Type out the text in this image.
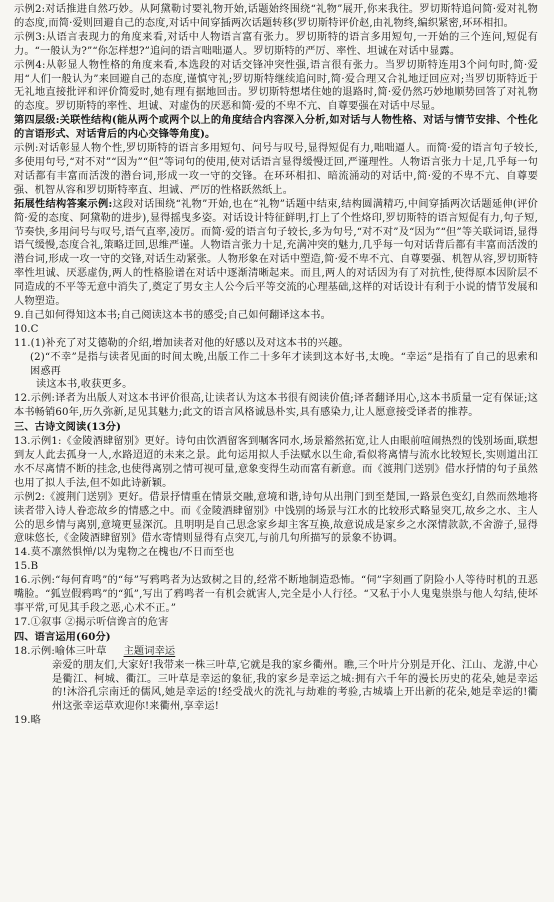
示例2:对话推进自然巧妙。从阿黛勒讨要礼物开始,话题始终围绕“礼物”展开,你来我往。罗切斯特追问简·爱对礼物的态度,而简·爱则回避自己的态度,对话中间穿插两次话题转移(罗切斯特评价赵,由礼物终,编织紧密,环环相扣。

示例3:从语言表现力的角度来看,对话中人物语言富有张力。罗切斯特的语言多用短句,一开始的三个连问,短促有力。“一般认为?”“你怎样想?”追问的语言咄咄逼人。罗切斯特的严厉、率性、坦诚在对话中显露。

示例4:从彰显人物性格的角度来看,本选段的对话交锋冲突性强,语言很有张力。当罗切斯特连用3个问句时,简·爱用“人们一般认为”来回避自己的态度,谨慎守礼;罗切斯特继续追问时,简·爱合理又合礼地迂回应对;当罗切斯特近于无礼地直接批评和评价简爱时,她有理有据地回击。罗切斯特想堵住她的退路时,简·爱仍然巧妙地顺势回答了对礼物的态度。罗切斯特的率性、坦诚、对虚伪的厌恶和简·爱的不卑不亢、自尊要强在对话中尽显。

第四层级:关联性结构(能从两个或两个以上的角度结合内容深入分析,如对话与人物性格、对话与情节安排、个性化的言语形式、对话背后的内心交锋等角度)。

示例:对话彰显人物个性,罗切斯特的语言多用短句、问号与叹号,显得短促有力,咄咄逼人。而简·爱的语言句子较长,多使用句号,“对不对”“因为”“但”等词句的使用,使对话语言显得缓慢迂回,严谨理性。人物语言张力十足,几乎每一句对话都有丰富而活泼的潜台词,形成一攻一守的交锋。在环环相扣、暗流涌动的对话中,简·爱的不卑不亢、自尊要强、机智从容和罗切斯特率直、坦诚、严厉的性格跃然纸上。

拓展性结构答案示例:这段对话围绕“礼物”开始,也在“礼物”话题中结束,结构圆满精巧,中间穿插两次话题延伸(评价简·爱的态度、阿黛勒的进步),显得摇曳多姿。对话设计特征鲜明,打上了个性烙印,罗切斯特的语言短促有力,句子短,节奏快,多用问号与叹号,语气直率,凌厉。而简·爱的语言句子较长,多为句号,“对不对”及“因为”“但”等关联词语,显得语气缓慢,态度合礼,策略迂回,思维严谨。人物语言张力十足,充满冲突的魅力,几乎每一句对话背后都有丰富而活泼的潜台词,形成一攻一守的交锋,对话生动紧张。人物形象在对话中塑造,简·爱不卑不亢、自尊要强、机智从容,罗切斯特率性坦诚、厌恶虚伪,两人的性格脸谱在对话中逐渐清晰起来。而且,两人的对话因为有了对抗性,使得原本因阶层不同造成的不平等无意中消失了,奠定了男女主人公今后平等交流的心理基础,这样的对话设计有利于小说的情节发展和人物塑造。

9.自己如何得知这本书;自己阅读这本书的感受;自己如何翻译这本书。

10.C

11.(1)补充了对艾德勒的介绍,增加读者对他的好感以及对这本书的兴趣。

(2)“不幸”是指与读者见面的时间太晚,出版工作二十多年才读到这本好书,太晚。“幸运”是指有了自己的思索和困惑再

读这本书,收获更多。

12.示例:译者为出版人对这本书评价很高,让读者认为这本书很有阅读价值;译者翻译用心,这本书质量一定有保证;这本书畅销60年,历久弥新,足见其魅力;此文的语言风格诚恳朴实,具有感染力,让人愿意接受译者的推荐。

三、古诗文阅读(13分)

13.示例1:《金陵酒肆留别》更好。诗句由饮酒留客到嘱客同水,场景豁然拓宽,让人由眼前喧闹热烈的饯别场面,联想到友人此去孤身一人,水路迢迢的未来之景。此句运用拟人手法赋水以生命,看似将离情与流水比较短长,实则道出江水不尽离情不断的挂念,也使得离别之情可视可量,意象变得生动而富有新意。而《渡荆门送别》借水抒情的句子虽然也用了拟人手法,但不如此诗新颖。

示例2:《渡荆门送别》更好。借景抒情重在情景交融,意境和谐,诗句从出荆门到至楚国,一路景色变幻,自然而然地将读者带入诗人眷恋故乡的情感之中。而《金陵酒肆留别》中饯别的场景与江水的比较形式略显突兀,故乡之水、主人公的思乡情与离别,意境更显深沉。且明明是自己思念家乡却主客互换,故意说成是家乡之水深情款款,不舍游子,显得意味悠长,《金陵酒肆留别》借水寄情则显得有点突兀,与前几句所描写的景象不协调。

14.莫不凛然惧惮/以为鬼物之在槐也/不日而至也

15.B

16.示例:“每何育鸣”的“每”写鸦鸣者为达致树之目的,经常不断地制造恐怖。“伺”字刻画了阴险小人等待时机的丑恶嘴脸。“狐豈假鸦鸣”的“狐”,写出了鸦鸣者一有机会就害人,完全是小人行径。“又私于小人鬼鬼祟祟与他人勾结,使坏事平常,可见其手段之恶,心术不正。”

17.①叙事 ②揭示听信谗言的危害

四、语言运用(60分)

18.示例:喻体三叶草 主题词幸运

亲爱的朋友们,大家好!我带来一株三叶草,它就是我的家乡衢州。瞧,三个叶片分别是开化、江山、龙游,中心是衢江、柯城、衢江。三叶草是幸运的象征,我的家乡是幸运之城:拥有六千年的漫长历史的花朵,她是幸运的!沐浴孔宗南迁的儒风,她是幸运的!经受战火的洗礼与劫难的考验,古城墙上开出新的花朵,她是幸运的!衢州这张幸运草欢迎你!来衢州,享幸运!

19.略
